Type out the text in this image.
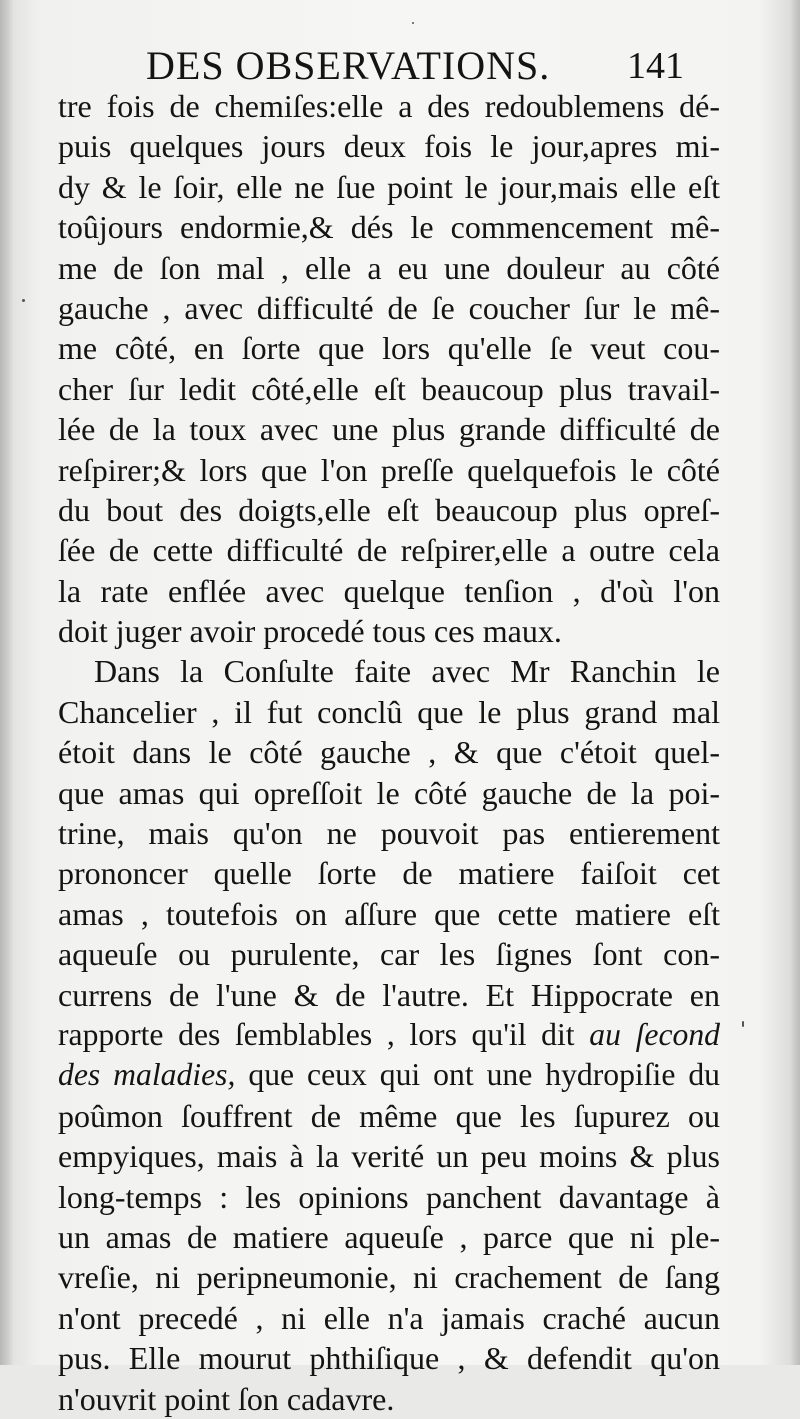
DES OBSERVATIONS. 141
tre fois de chemiſes:elle a des redoublemens dé-
puis quelques jours deux fois le jour,apres mi-
dy & le ſoir, elle ne ſue point le jour,mais elle eſt
toûjours endormie,& dés le commencement mê-
me de ſon mal , elle a eu une douleur au côté
gauche , avec difficulté de ſe coucher ſur le mê-
me côté, en ſorte que lors qu'elle ſe veut cou-
cher ſur ledit côté,elle eſt beaucoup plus travail-
lée de la toux avec une plus grande difficulté de
reſpirer;& lors que l'on preſſe quelquefois le côté
du bout des doigts,elle eſt beaucoup plus opreſ-
ſée de cette difficulté de reſpirer,elle a outre cela
la rate enflée avec quelque tenſion , d'où l'on
doit juger avoir procedé tous ces maux.
Dans la Conſulte faite avec Mr Ranchin le
Chancelier , il fut conclû que le plus grand mal
étoit dans le côté gauche , & que c'étoit quel-
que amas qui opreſſoit le côté gauche de la poi-
trine, mais qu'on ne pouvoit pas entierement
prononcer quelle ſorte de matiere faiſoit cet
amas , toutefois on aſſure que cette matiere eſt
aqueuſe ou purulente, car les ſignes ſont con-
currens de l'une & de l'autre. Et Hippocrate en
rapporte des ſemblables , lors qu'il dit au ſecond
des maladies, que ceux qui ont une hydropiſie du
poûmon ſouffrent de même que les ſupurez ou
empyiques, mais à la verité un peu moins & plus
long-temps : les opinions panchent davantage à
un amas de matiere aqueuſe , parce que ni ple-
vreſie, ni peripneumonie, ni crachement de ſang
n'ont precedé , ni elle n'a jamais craché aucun
pus. Elle mourut phthiſique , & defendit qu'on
n'ouvrit point ſon cadavre.
